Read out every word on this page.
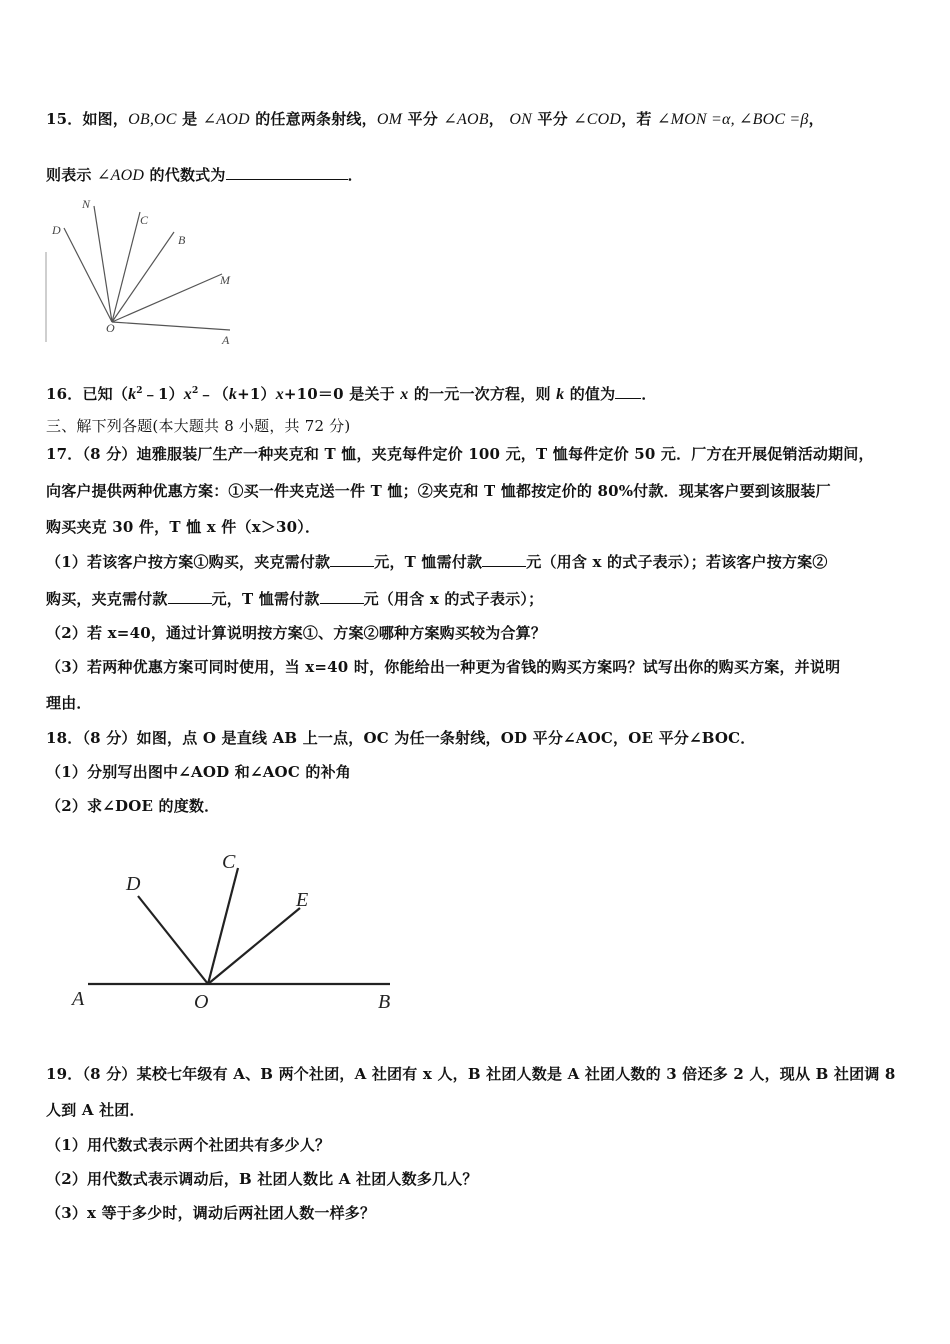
15．如图，OB,OC 是 ∠AOD 的任意两条射线，OM 平分 ∠AOB， ON 平分 ∠COD，若 ∠MON =α, ∠BOC =β，
则表示 ∠AOD 的代数式为	．
D
N
C
B
M
O
A
16．已知$(k^2﹣1)x^2﹣(k+1)x+10=0$ 是关于 x 的一元一次方程，则 k 的值为 ．
三、解下列各题(本大题共 8 小题，共 72 分)
17．（8 分）迪雅服装厂生产一种夹克和 T 恤，夹克每件定价 100 元，T 恤每件定价 50 元．厂方在开展促销活动期间，
向客户提供两种优惠方案：①买一件夹克送一件 T 恤；②夹克和 T 恤都按定价的 80%付款．现某客户要到该服装厂
购买夹克 30 件，T 恤 x 件（x＞30）．
（1）若该客户按方案①购买，夹克需付款	元，T 恤需付款	元（用含 x 的式子表示）；若该客户按方案②
购买，夹克需付款	元，T 恤需付款	元（用含 x 的式子表示）；
（2）若 x=40，通过计算说明按方案①、方案②哪种方案购买较为合算？
（3）若两种优惠方案可同时使用，当 x=40 时，你能给出一种更为省钱的购买方案吗？试写出你的购买方案，并说明
理由．
18．（8 分）如图，点 O 是直线 AB 上一点，OC 为任一条射线，OD 平分∠AOC，OE 平分∠BOC．
（1）分别写出图中∠AOD 和∠AOC 的补角
（2）求∠DOE 的度数．
A	O	B
C
D
E
19．（8 分）某校七年级有 A、B 两个社团，A 社团有 x 人，B 社团人数是 A 社团人数的 3 倍还多 2 人，现从 B 社团调 8
人到 A 社团．
（1）用代数式表示两个社团共有多少人？
（2）用代数式表示调动后，B 社团人数比 A 社团人数多几人？
（3）x 等于多少时，调动后两社团人数一样多？
